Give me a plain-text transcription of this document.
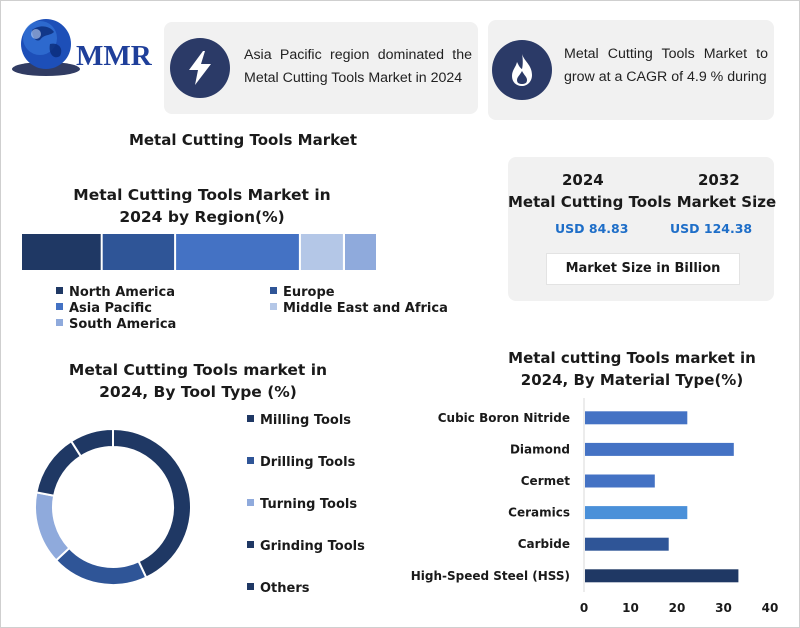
MMR	Asia Pacific region dominated the Metal Cutting Tools Market in 2024
Metal Cutting Tools Market to grow at a CAGR of 4.9 % during
Metal Cutting Tools Market
Metal Cutting Tools Market in 2024 by Region(%)
North America	Europe
Asia Pacific	Middle East and Africa
South America
2024	2032
Metal Cutting Tools Market Size
USD 84.83	USD 124.38
Market Size in Billion
Metal Cutting Tools market in 2024, By Tool Type (%)
Milling Tools
Drilling Tools
Turning Tools
Grinding Tools
Others
Metal cutting Tools market in 2024, By Material Type(%)
Cubic Boron Nitride
Diamond
Cermet
Ceramics
Carbide
High-Speed Steel (HSS)
0	10 20 30 40
